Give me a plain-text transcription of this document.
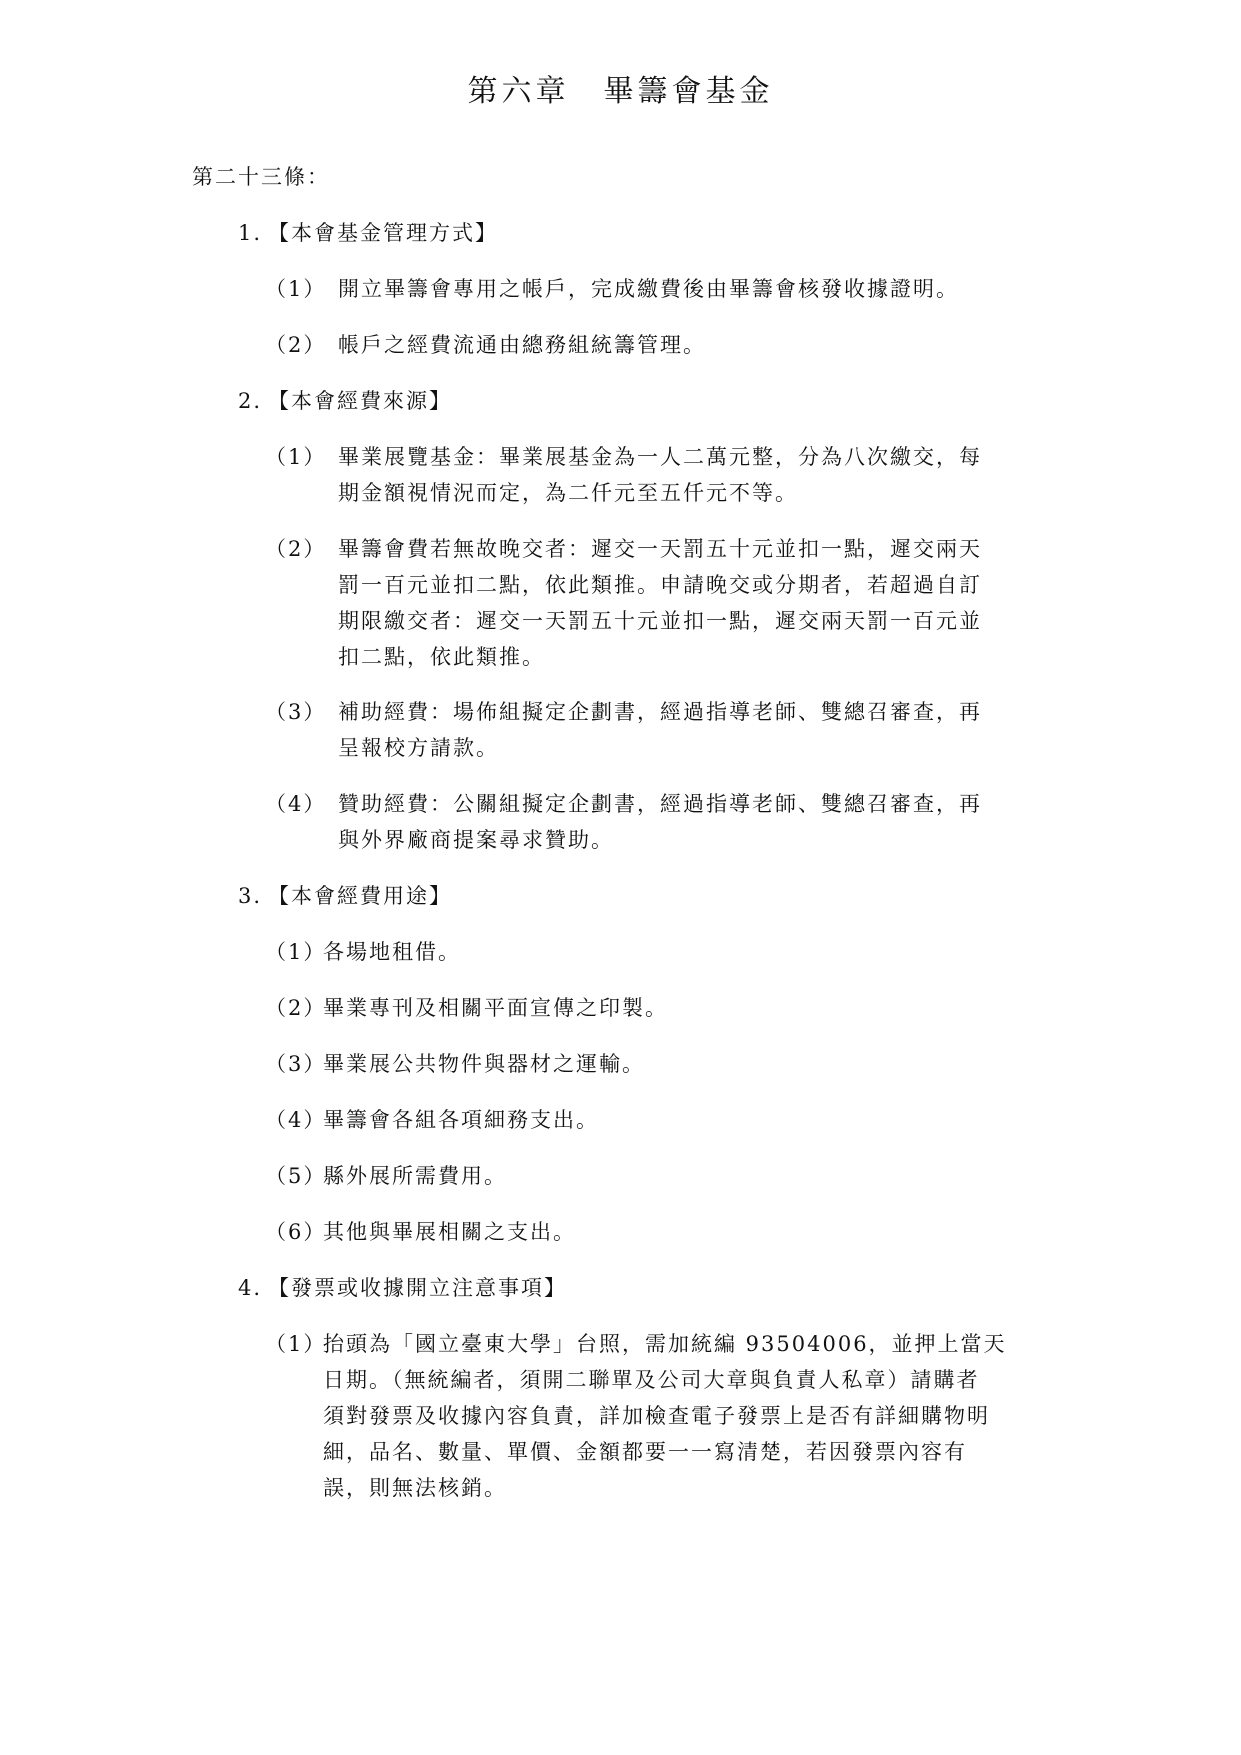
第六章　畢籌會基金
第二十三條：
1. 【本會基金管理方式】
（1） 開立畢籌會專用之帳戶，完成繳費後由畢籌會核發收據證明。
（2） 帳戶之經費流通由總務組統籌管理。
2. 【本會經費來源】
（1） 畢業展覽基金：畢業展基金為一人二萬元整，分為八次繳交，每
期金額視情況而定，為二仟元至五仟元不等。
（2） 畢籌會費若無故晚交者：遲交一天罰五十元並扣一點，遲交兩天
罰一百元並扣二點，依此類推。申請晚交或分期者，若超過自訂
期限繳交者：遲交一天罰五十元並扣一點，遲交兩天罰一百元並
扣二點，依此類推。
（3） 補助經費：場佈組擬定企劃書，經過指導老師、雙總召審查，再
呈報校方請款。
（4） 贊助經費：公關組擬定企劃書，經過指導老師、雙總召審查，再
與外界廠商提案尋求贊助。
3. 【本會經費用途】
（1）
各場地租借。
（2）
畢業專刊及相關平面宣傳之印製。
（3）
畢業展公共物件與器材之運輸。
（4）
畢籌會各組各項細務支出。
（5）
縣外展所需費用。
（6）
其他與畢展相關之支出。
4. 【發票或收據開立注意事項】
（1）
抬頭為「國立臺東大學」台照，需加統編 93504006，並押上當天
日期。（無統編者，須開二聯單及公司大章與負責人私章）請購者
須對發票及收據內容負責，詳加檢查電子發票上是否有詳細購物明
細，品名、數量、單價、金額都要一一寫清楚，若因發票內容有
誤，則無法核銷。
